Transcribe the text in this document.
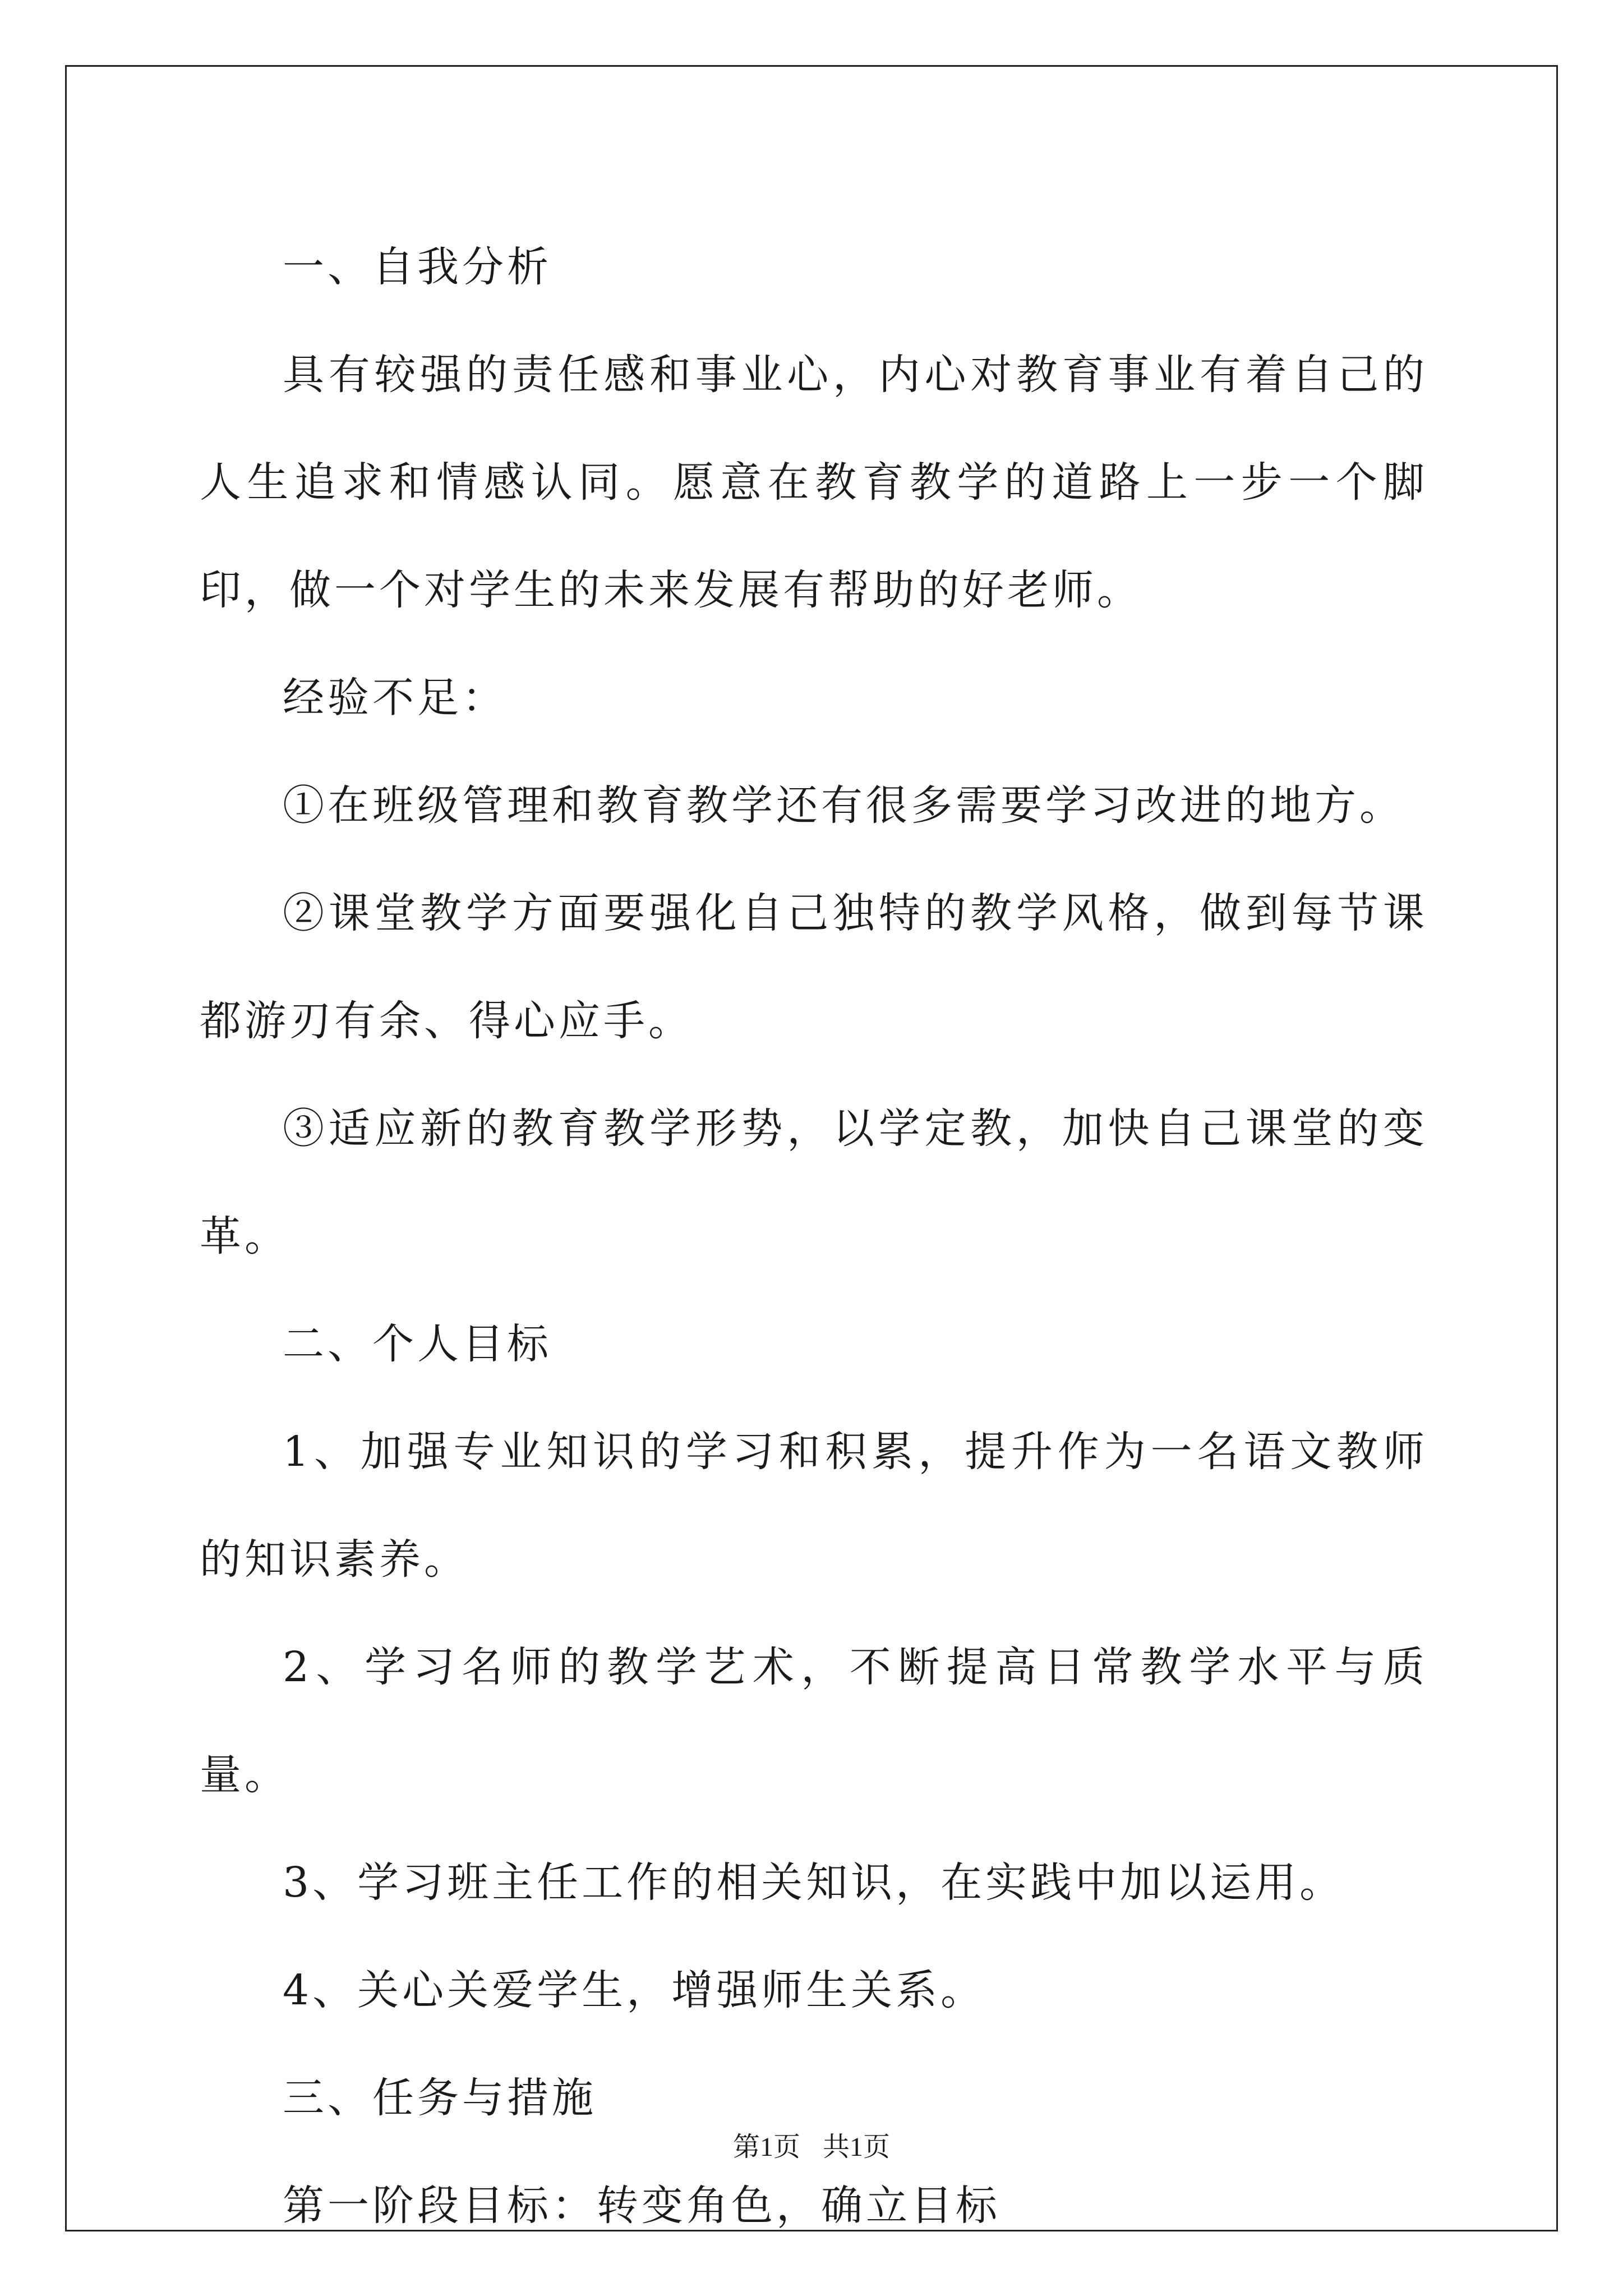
一、自我分析

具有较强的责任感和事业心，内心对教育事业有着自己的人生追求和情感认同。愿意在教育教学的道路上一步一个脚印，做一个对学生的未来发展有帮助的好老师。

经验不足：

①在班级管理和教育教学还有很多需要学习改进的地方。

②课堂教学方面要强化自己独特的教学风格，做到每节课都游刃有余、得心应手。

③适应新的教育教学形势，以学定教，加快自己课堂的变革。

二、个人目标

1、加强专业知识的学习和积累，提升作为一名语文教师的知识素养。

2、学习名师的教学艺术，不断提高日常教学水平与质量。

3、学习班主任工作的相关知识，在实践中加以运用。

4、关心关爱学生，增强师生关系。

三、任务与措施

第一阶段目标：转变角色，确立目标

第1页 共1页
